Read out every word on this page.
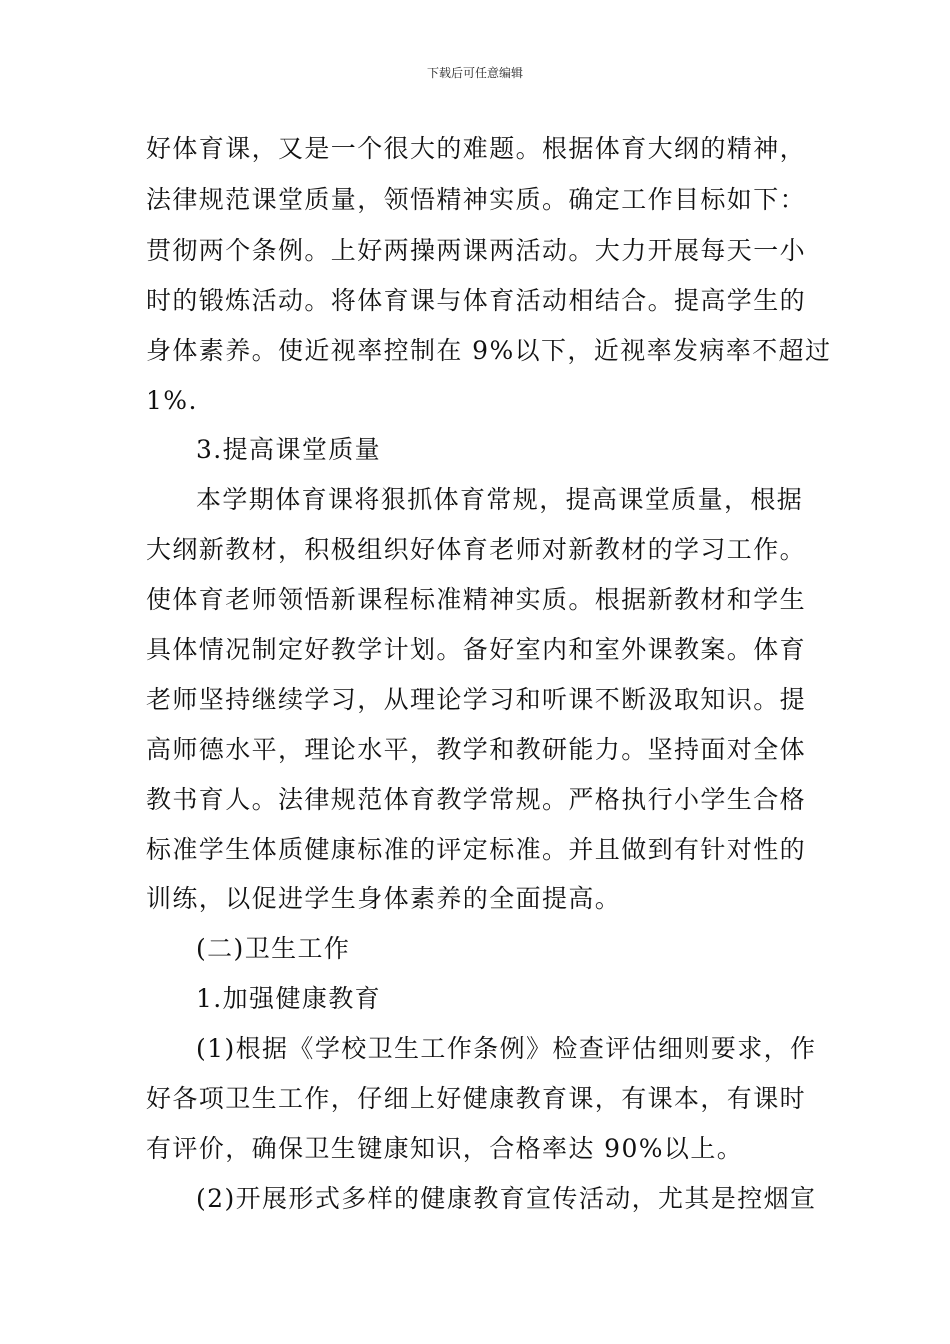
下载后可任意编辑
好体育课，又是一个很大的难题。根据体育大纲的精神，
法律规范课堂质量，领悟精神实质。确定工作目标如下：
贯彻两个条例。上好两操两课两活动。大力开展每天一小
时的锻炼活动。将体育课与体育活动相结合。提高学生的
身体素养。使近视率控制在 9%以下，近视率发病率不超过
1%.
3.提高课堂质量
本学期体育课将狠抓体育常规，提高课堂质量，根据
大纲新教材，积极组织好体育老师对新教材的学习工作。
使体育老师领悟新课程标准精神实质。根据新教材和学生
具体情况制定好教学计划。备好室内和室外课教案。体育
老师坚持继续学习，从理论学习和听课不断汲取知识。提
高师德水平，理论水平，教学和教研能力。坚持面对全体
教书育人。法律规范体育教学常规。严格执行小学生合格
标准学生体质健康标准的评定标准。并且做到有针对性的
训练，以促进学生身体素养的全面提高。
(二)卫生工作
1.加强健康教育
(1)根据《学校卫生工作条例》检查评估细则要求，作
好各项卫生工作，仔细上好健康教育课，有课本，有课时
有评价，确保卫生键康知识，合格率达 90%以上。
(2)开展形式多样的健康教育宣传活动，尤其是控烟宣
